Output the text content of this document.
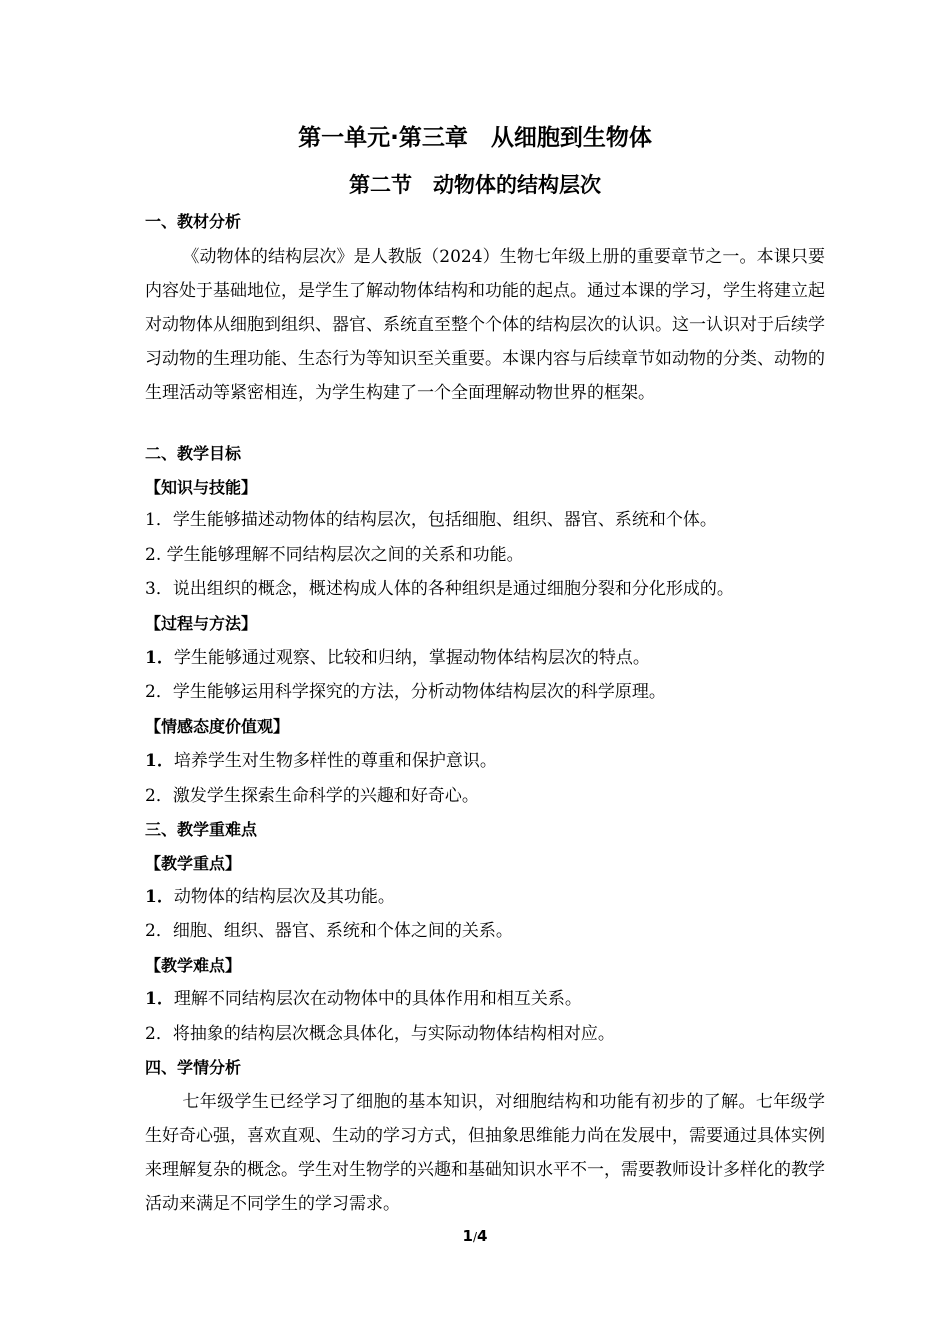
第一单元·第三章　从细胞到生物体
第二节　动物体的结构层次
一、教材分析
《动物体的结构层次》是人教版（2024）生物七年级上册的重要章节之一。本课只要内容处于基础地位，是学生了解动物体结构和功能的起点。通过本课的学习，学生将建立起对动物体从细胞到组织、器官、系统直至整个个体的结构层次的认识。这一认识对于后续学习动物的生理功能、生态行为等知识至关重要。本课内容与后续章节如动物的分类、动物的生理活动等紧密相连，为学生构建了一个全面理解动物世界的框架。
二、教学目标
【知识与技能】
1．学生能够描述动物体的结构层次，包括细胞、组织、器官、系统和个体。
2. 学生能够理解不同结构层次之间的关系和功能。
3．说出组织的概念，概述构成人体的各种组织是通过细胞分裂和分化形成的。
【过程与方法】
1．学生能够通过观察、比较和归纳，掌握动物体结构层次的特点。
2．学生能够运用科学探究的方法，分析动物体结构层次的科学原理。
【情感态度价值观】
1．培养学生对生物多样性的尊重和保护意识。
2．激发学生探索生命科学的兴趣和好奇心。
三、教学重难点
【教学重点】
1．动物体的结构层次及其功能。
2．细胞、组织、器官、系统和个体之间的关系。
【教学难点】
1．理解不同结构层次在动物体中的具体作用和相互关系。
2．将抽象的结构层次概念具体化，与实际动物体结构相对应。
四、学情分析
七年级学生已经学习了细胞的基本知识，对细胞结构和功能有初步的了解。七年级学生好奇心强，喜欢直观、生动的学习方式，但抽象思维能力尚在发展中，需要通过具体实例来理解复杂的概念。学生对生物学的兴趣和基础知识水平不一，需要教师设计多样化的教学活动来满足不同学生的学习需求。
1/4
